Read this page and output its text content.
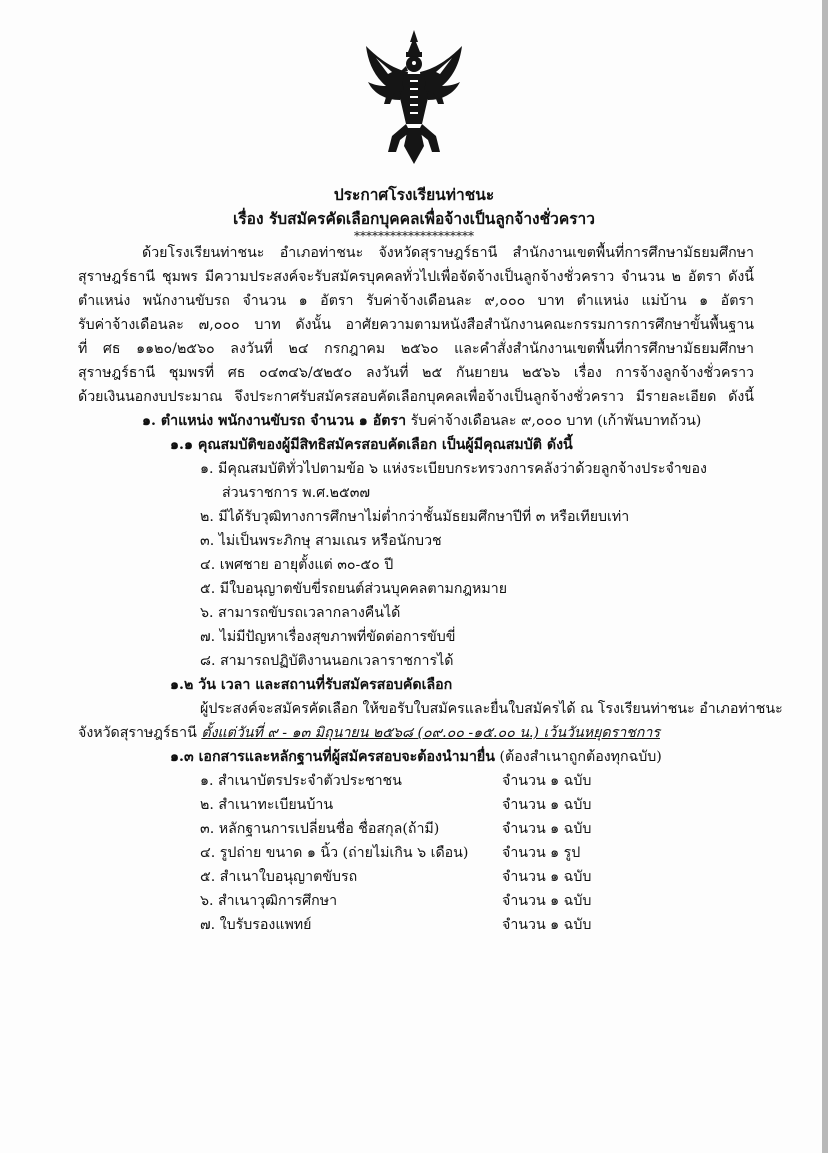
ประกาศโรงเรียนท่าชนะ
เรื่อง รับสมัครคัดเลือกบุคคลเพื่อจ้างเป็นลูกจ้างชั่วคราว
********************
ด้วยโรงเรียนท่าชนะ อำเภอท่าชนะ จังหวัดสุราษฎร์ธานี สำนักงานเขตพื้นที่การศึกษามัธยมศึกษา
สุราษฎร์ธานี ชุมพร มีความประสงค์จะรับสมัครบุคคลทั่วไปเพื่อจัดจ้างเป็นลูกจ้างชั่วคราว จำนวน ๒ อัตรา ดังนี้
ตำแหน่ง พนักงานขับรถ จำนวน ๑ อัตรา รับค่าจ้างเดือนละ ๙,๐๐๐ บาท ตำแหน่ง แม่บ้าน ๑ อัตรา
รับค่าจ้างเดือนละ ๗,๐๐๐ บาท ดังนั้น อาศัยความตามหนังสือสำนักงานคณะกรรมการการศึกษาขั้นพื้นฐาน
ที่ ศธ ๑๑๒๐/๒๕๖๐ ลงวันที่ ๒๔ กรกฎาคม ๒๕๖๐ และคำสั่งสำนักงานเขตพื้นที่การศึกษามัธยมศึกษา
สุราษฎร์ธานี ชุมพรที่ ศธ ๐๔๓๔๖/๕๒๕๐ ลงวันที่ ๒๕ กันยายน ๒๕๖๖ เรื่อง การจ้างลูกจ้างชั่วคราว
ด้วยเงินนอกงบประมาณ จึงประกาศรับสมัครสอบคัดเลือกบุคคลเพื่อจ้างเป็นลูกจ้างชั่วคราว มีรายละเอียด ดังนี้
๑. ตำแหน่ง พนักงานขับรถ จำนวน ๑ อัตรา รับค่าจ้างเดือนละ ๙,๐๐๐ บาท (เก้าพันบาทถ้วน)
๑.๑ คุณสมบัติของผู้มีสิทธิสมัครสอบคัดเลือก เป็นผู้มีคุณสมบัติ ดังนี้
๑. มีคุณสมบัติทั่วไปตามข้อ ๖ แห่งระเบียบกระทรวงการคลังว่าด้วยลูกจ้างประจำของ
ส่วนราชการ พ.ศ.๒๕๓๗
๒. มีได้รับวุฒิทางการศึกษาไม่ต่ำกว่าชั้นมัธยมศึกษาปีที่ ๓ หรือเทียบเท่า
๓. ไม่เป็นพระภิกษุ สามเณร หรือนักบวช
๔. เพศชาย อายุตั้งแต่ ๓๐-๕๐ ปี
๕. มีใบอนุญาตขับขี่รถยนต์ส่วนบุคคลตามกฎหมาย
๖. สามารถขับรถเวลากลางคืนได้
๗. ไม่มีปัญหาเรื่องสุขภาพที่ขัดต่อการขับขี่
๘. สามารถปฏิบัติงานนอกเวลาราชการได้
๑.๒ วัน เวลา และสถานที่รับสมัครสอบคัดเลือก
ผู้ประสงค์จะสมัครคัดเลือก ให้ขอรับใบสมัครและยื่นใบสมัครได้ ณ โรงเรียนท่าชนะ อำเภอท่าชนะ
จังหวัดสุราษฎร์ธานี ตั้งแต่วันที่ ๙ - ๑๓ มิถุนายน ๒๕๖๘ (๐๙.๐๐ -๑๕.๐๐ น.) เว้นวันหยุดราชการ
๑.๓ เอกสารและหลักฐานที่ผู้สมัครสอบจะต้องนำมายื่น (ต้องสำเนาถูกต้องทุกฉบับ)
๑. สำเนาบัตรประจำตัวประชาชน	จำนวน ๑ ฉบับ
๒. สำเนาทะเบียนบ้าน	จำนวน ๑ ฉบับ
๓. หลักฐานการเปลี่ยนชื่อ ชื่อสกุล(ถ้ามี)	จำนวน ๑ ฉบับ
๔. รูปถ่าย ขนาด ๑ นิ้ว (ถ่ายไม่เกิน ๖ เดือน) จำนวน ๑ รูป
๕. สำเนาใบอนุญาตขับรถ	จำนวน ๑ ฉบับ
๖. สำเนาวุฒิการศึกษา	จำนวน ๑ ฉบับ
๗. ใบรับรองแพทย์	จำนวน ๑ ฉบับ
